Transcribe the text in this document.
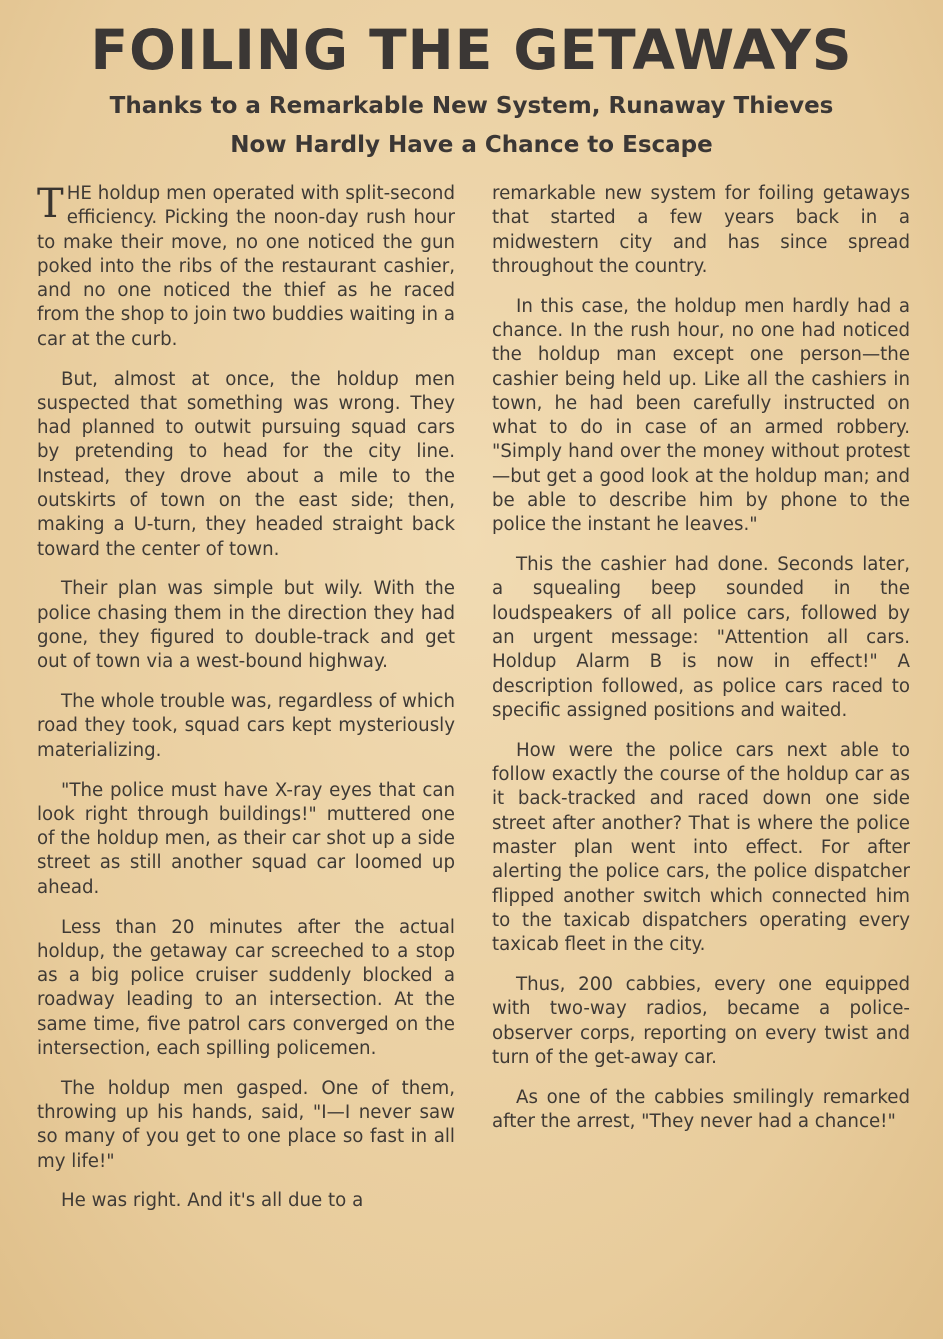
FOILING THE GETAWAYS
Thanks to a Remarkable New System, Runaway Thieves
Now Hardly Have a Chance to Escape

THE holdup men operated with split-second efficiency. Picking the noon-day rush hour to make their move, no one noticed the gun poked into the ribs of the restaurant cashier, and no one noticed the thief as he raced from the shop to join two buddies waiting in a car at the curb.

But, almost at once, the holdup men suspected that something was wrong. They had planned to outwit pursuing squad cars by pretending to head for the city line. Instead, they drove about a mile to the outskirts of town on the east side; then, making a U-turn, they headed straight back toward the center of town.

Their plan was simple but wily. With the police chasing them in the direction they had gone, they figured to double-track and get out of town via a west-bound highway.

The whole trouble was, regardless of which road they took, squad cars kept mysteriously materializing.

"The police must have X-ray eyes that can look right through buildings!" muttered one of the holdup men, as their car shot up a side street as still another squad car loomed up ahead.

Less than 20 minutes after the actual holdup, the getaway car screeched to a stop as a big police cruiser suddenly blocked a roadway leading to an intersection. At the same time, five patrol cars converged on the intersection, each spilling policemen.

The holdup men gasped. One of them, throwing up his hands, said, "I—I never saw so many of you get to one place so fast in all my life!"

He was right. And it's all due to a

remarkable new system for foiling getaways that started a few years back in a midwestern city and has since spread throughout the country.

In this case, the holdup men hardly had a chance. In the rush hour, no one had noticed the holdup man except one person—the cashier being held up. Like all the cashiers in town, he had been carefully instructed on what to do in case of an armed robbery. "Simply hand over the money without protest—but get a good look at the holdup man; and be able to describe him by phone to the police the instant he leaves."

This the cashier had done. Seconds later, a squealing beep sounded in the loudspeakers of all police cars, followed by an urgent message: "Attention all cars. Holdup Alarm B is now in effect!" A description followed, as police cars raced to specific assigned positions and waited.

How were the police cars next able to follow exactly the course of the holdup car as it back-tracked and raced down one side street after another? That is where the police master plan went into effect. For after alerting the police cars, the police dispatcher flipped another switch which connected him to the taxicab dispatchers operating every taxicab fleet in the city.

Thus, 200 cabbies, every one equipped with two-way radios, became a police-observer corps, reporting on every twist and turn of the get-away car.

As one of the cabbies smilingly remarked after the arrest, "They never had a chance!"
